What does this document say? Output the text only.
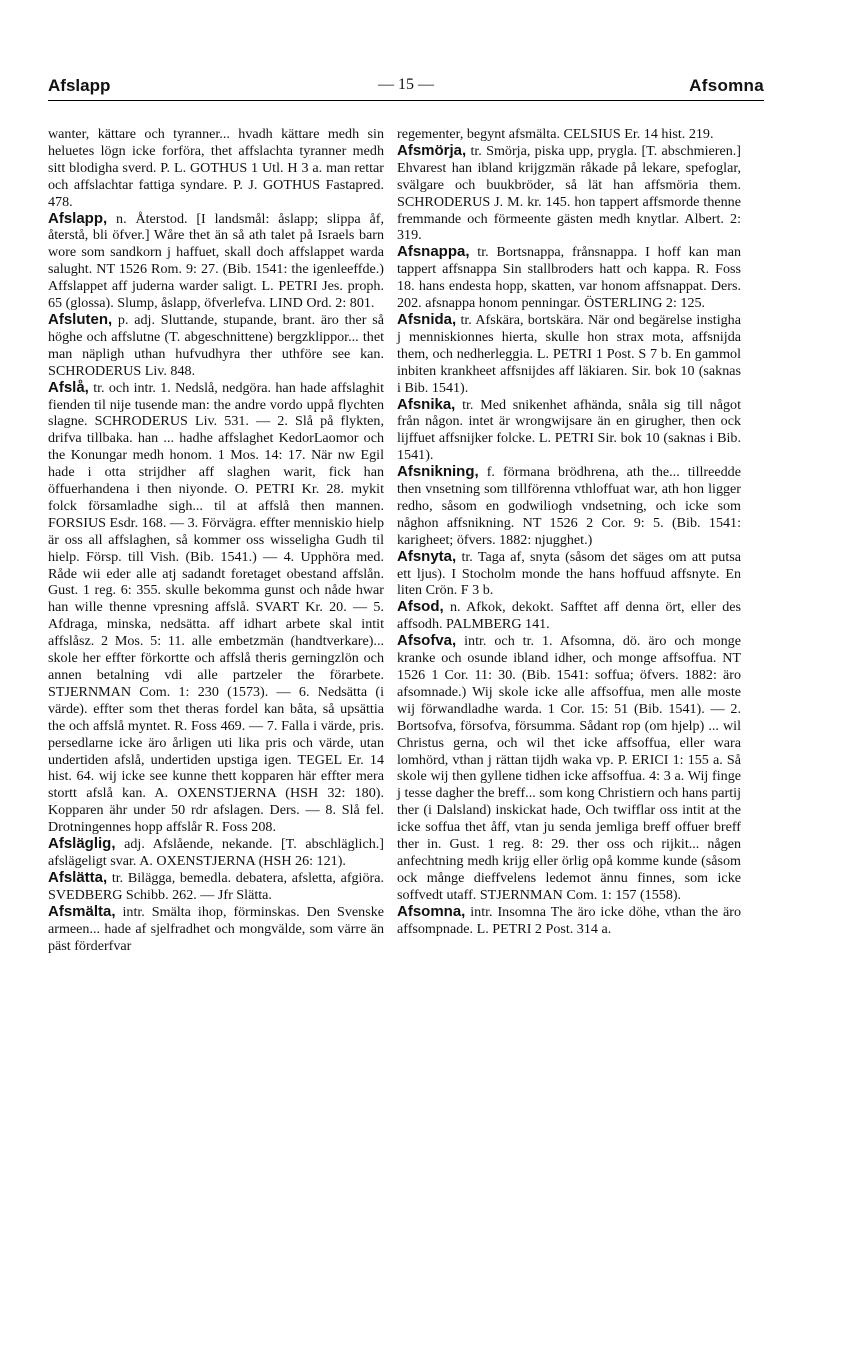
Afslapp	— 15 —	Afsomna

wanter, kättare och tyranner... hvadh kättare medh sin heluetes lögn icke forföra, thet affslachta tyranner medh sitt blodigha sverd. P. L. GOTHUS 1 Utl. H 3 a. man rettar och affslachtar fattiga syndare. P. J. GOTHUS Fastapred. 478.

Afslapp, n. Återstod. [I landsmål: åslapp; slippa åf, återstå, bli öfver.] Wåre thet än så ath talet på Israels barn wore som sandkorn j haffuet, skall doch affslappet warda salught. NT 1526 Rom. 9: 27. (Bib. 1541: the igenleeffde.) Affslappet aff juderna warder saligt. L. PETRI Jes. proph. 65 (glossa). Slump, åslapp, öfverlefva. LIND Ord. 2: 801.

Afsluten, p. adj. Sluttande, stupande, brant. äro ther så höghe och affslutne (T. abgeschnittene) bergzklippor... thet man näpligh uthan hufvudhyra ther uthföre see kan. SCHRODERUS Liv. 848.

Afslå, tr. och intr. 1. Nedslå, nedgöra. han hade affslaghit fienden til nije tusende man: the andre vordo uppå flychten slagne. SCHRODERUS Liv. 531. — 2. Slå på flykten, drifva tillbaka. han ... hadhe affslaghet KedorLaomor och the Konungar medh honom. 1 Mos. 14: 17. När nw Egil hade i otta strijdher aff slaghen warit, fick han öffuerhandena i then niyonde. O. PETRI Kr. 28. mykit folck församladhe sigh... til at affslå then mannen. FORSIUS Esdr. 168. — 3. Förvägra. effter menniskio hielp är oss all affslaghen, så kommer oss wisseligha Gudh til hielp. Försp. till Vish. (Bib. 1541.) — 4. Upphöra med. Råde wii eder alle atj sadandt foretaget obestand affslån. Gust. 1 reg. 6: 355. skulle bekomma gunst och nåde hwar han wille thenne vpresning affslå. SVART Kr. 20. — 5. Afdraga, minska, nedsätta. aff idhart arbete skal intit affslåsz. 2 Mos. 5: 11. alle embetzmän (handtverkare)... skole her effter förkortte och affslå theris gerningzlön och annen betalning vdi alle partzeler the förarbete. STJERNMAN Com. 1: 230 (1573). — 6. Nedsätta (i värde). effter som thet theras fordel kan båta, så upsättia the och affslå myntet. R. Foss 469. — 7. Falla i värde, pris. persedlarne icke äro årligen uti lika pris och värde, utan undertiden afslå, undertiden upstiga igen. TEGEL Er. 14 hist. 64. wij icke see kunne thett kopparen här effter mera stortt afslå kan. A. OXENSTJERNA (HSH 32: 180). Kopparen ähr under 50 rdr afslagen. Ders. — 8. Slå fel. Drotningennes hopp affslår R. Foss 208.

Afsläglig, adj. Afslående, nekande. [T. abschläglich.] afslägeligt svar. A. OXENSTJERNA (HSH 26: 121).

Afslätta, tr. Bilägga, bemedla. debatera, afsletta, afgiöra. SVEDBERG Schibb. 262. — Jfr Slätta.

Afsmälta, intr. Smälta ihop, förminskas. Den Svenske armeen... hade af sjelfradhet och mongvälde, som värre än päst förderfvar

regementer, begynt afsmälta. CELSIUS Er. 14 hist. 219.

Afsmörja, tr. Smörja, piska upp, prygla. [T. abschmieren.] Ehvarest han ibland krijgzmän råkade på lekare, spefoglar, svälgare och buukbröder, så lät han affsmöria them. SCHRODERUS J. M. kr. 145. hon tappert affsmorde thenne fremmande och förmeente gästen medh knytlar. Albert. 2: 319.

Afsnappa, tr. Bortsnappa, frånsnappa. I hoff kan man tappert affsnappa Sin stallbroders hatt och kappa. R. Foss 18. hans endesta hopp, skatten, var honom affsnappat. Ders. 202. afsnappa honom penningar. ÖSTERLING 2: 125.

Afsnida, tr. Afskära, bortskära. När ond begärelse instigha j menniskionnes hierta, skulle hon strax mota, affsnijda them, och nedherleggia. L. PETRI 1 Post. S 7 b. En gammol inbiten krankheet affsnijdes aff läkiaren. Sir. bok 10 (saknas i Bib. 1541).

Afsnika, tr. Med snikenhet afhända, snåla sig till något från någon. intet är wrongwijsare än en girugher, then ock lijffuet affsnijker folcke. L. PETRI Sir. bok 10 (saknas i Bib. 1541).

Afsnikning, f. förmana brödhrena, ath the... tillreedde then vnsetning som tillförenna vthloffuat war, ath hon ligger redho, såsom en godwiliogh vndsetning, och icke som någhon affsnikning. NT 1526 2 Cor. 9: 5. (Bib. 1541: karigheet; öfvers. 1882: njugghet.)

Afsnyta, tr. Taga af, snyta (såsom det säges om att putsa ett ljus). I Stocholm monde the hans hoffuud affsnyte. En liten Crön. F 3 b.

Afsod, n. Afkok, dekokt. Safftet aff denna ört, eller des affsodh. PALMBERG 141.

Afsofva, intr. och tr. 1. Afsomna, dö. äro och monge kranke och osunde ibland idher, och monge affsoffua. NT 1526 1 Cor. 11: 30. (Bib. 1541: soffua; öfvers. 1882: äro afsomnade.) Wij skole icke alle affsoffua, men alle moste wij förwandladhe warda. 1 Cor. 15: 51 (Bib. 1541). — 2. Bortsofva, försofva, försumma. Sådant rop (om hjelp) ... wil Christus gerna, och wil thet icke affsoffua, eller wara lomhörd, vthan j rättan tijdh waka vp. P. ERICI 1: 155 a. Så skole wij then gyllene tidhen icke affsoffua. 4: 3 a. Wij finge j tesse dagher the breff... som kong Christiern och hans partij ther (i Dalsland) inskickat hade, Och twifflar oss intit at the icke soffua thet åff, vtan ju senda jemliga breff offuer breff ther in. Gust. 1 reg. 8: 29. ther oss och rijkit... någen anfechtning medh krijg eller örlig opå komme kunde (såsom ock månge dieffvelens ledemot ännu finnes, som icke soffvedt utaff. STJERNMAN Com. 1: 157 (1558).

Afsomna, intr. Insomna The äro icke döhe, vthan the äro affsompnade. L. PETRI 2 Post. 314 a.
